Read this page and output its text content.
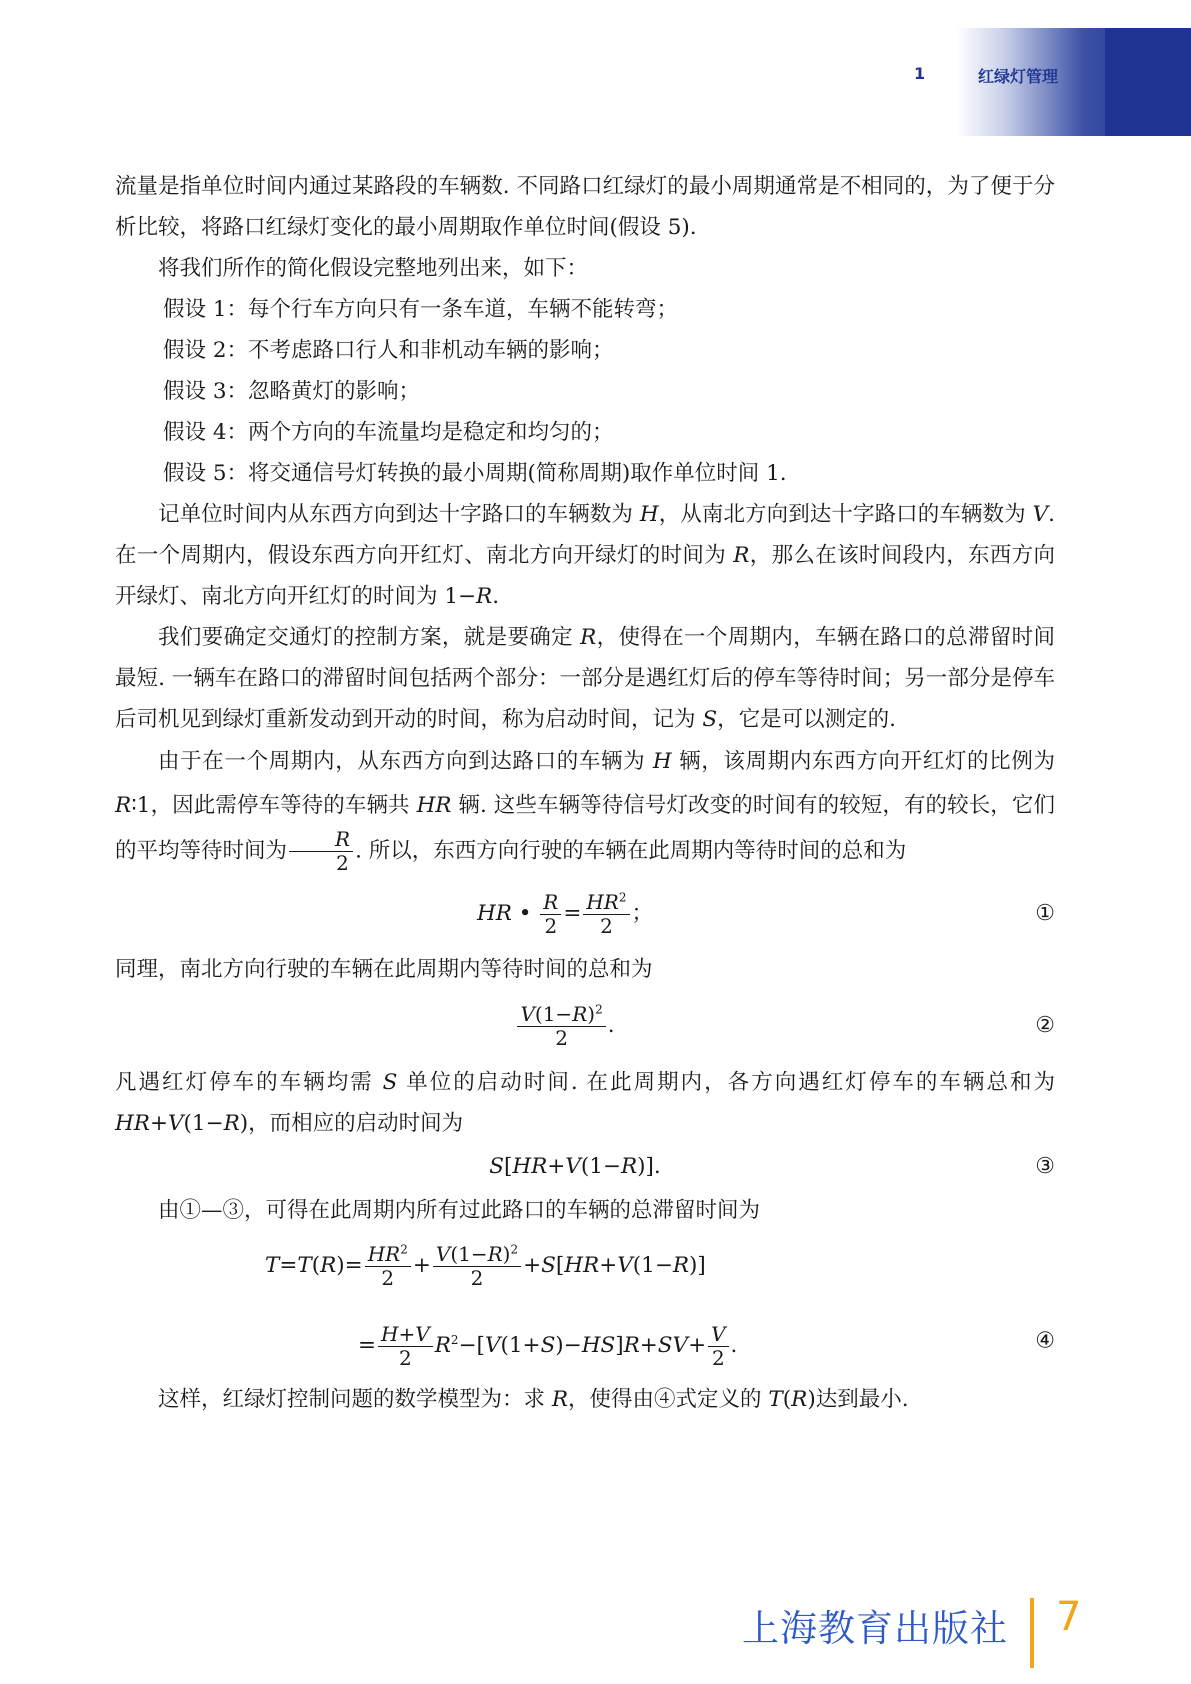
1	红绿灯管理

流量是指单位时间内通过某路段的车辆数. 不同路口红绿灯的最小周期通常是不相同的，为了便于分析比较，将路口红绿灯变化的最小周期取作单位时间(假设 5).

将我们所作的简化假设完整地列出来，如下：

假设 1：每个行车方向只有一条车道，车辆不能转弯；

假设 2：不考虑路口行人和非机动车辆的影响；

假设 3：忽略黄灯的影响；

假设 4：两个方向的车流量均是稳定和均匀的；

假设 5：将交通信号灯转换的最小周期(简称周期)取作单位时间 1.

记单位时间内从东西方向到达十字路口的车辆数为 H，从南北方向到达十字路口的车辆数为 V. 在一个周期内，假设东西方向开红灯、南北方向开绿灯的时间为 R，那么在该时间段内，东西方向开绿灯、南北方向开红灯的时间为 1−R.

我们要确定交通灯的控制方案，就是要确定 R，使得在一个周期内，车辆在路口的总滞留时间最短. 一辆车在路口的滞留时间包括两个部分：一部分是遇红灯后的停车等待时间；另一部分是停车后司机见到绿灯重新发动到开动的时间，称为启动时间，记为 S，它是可以测定的.

由于在一个周期内，从东西方向到达路口的车辆为 H 辆，该周期内东西方向开红灯的比例为 R∶1，因此需停车等待的车辆共 HR 辆. 这些车辆等待信号灯改变的时间有的较短，有的较长，它们的平均等待时间为 $\frac{R}{2}$ . 所以，东西方向行驶的车辆在此周期内等待时间的总和为

HR • $\frac{R}{2} = \frac{HR^2}{2}$ ；	①

同理，南北方向行驶的车辆在此周期内等待时间的总和为

$\frac{V(1-R)^2}{2}$ .	②

凡遇红灯停车的车辆均需 S 单位的启动时间. 在此周期内，各方向遇红灯停车的车辆总和为 HR+V(1−R)，而相应的启动时间为

S[HR+V(1−R)].	③

由①—③，可得在此周期内所有过此路口的车辆的总滞留时间为

$T=T(R)= \frac{HR^2}{2} + \frac{V(1-R)^2}{2} +S[HR+V(1-R)]$
= $\frac{H+V}{2} R^2-[V(1+S)-HS]R+SV+ \frac{V}{2}$ .	④

这样，红绿灯控制问题的数学模型为：求 R，使得由④式定义的 T(R)达到最小.

上海教育出版社 7
